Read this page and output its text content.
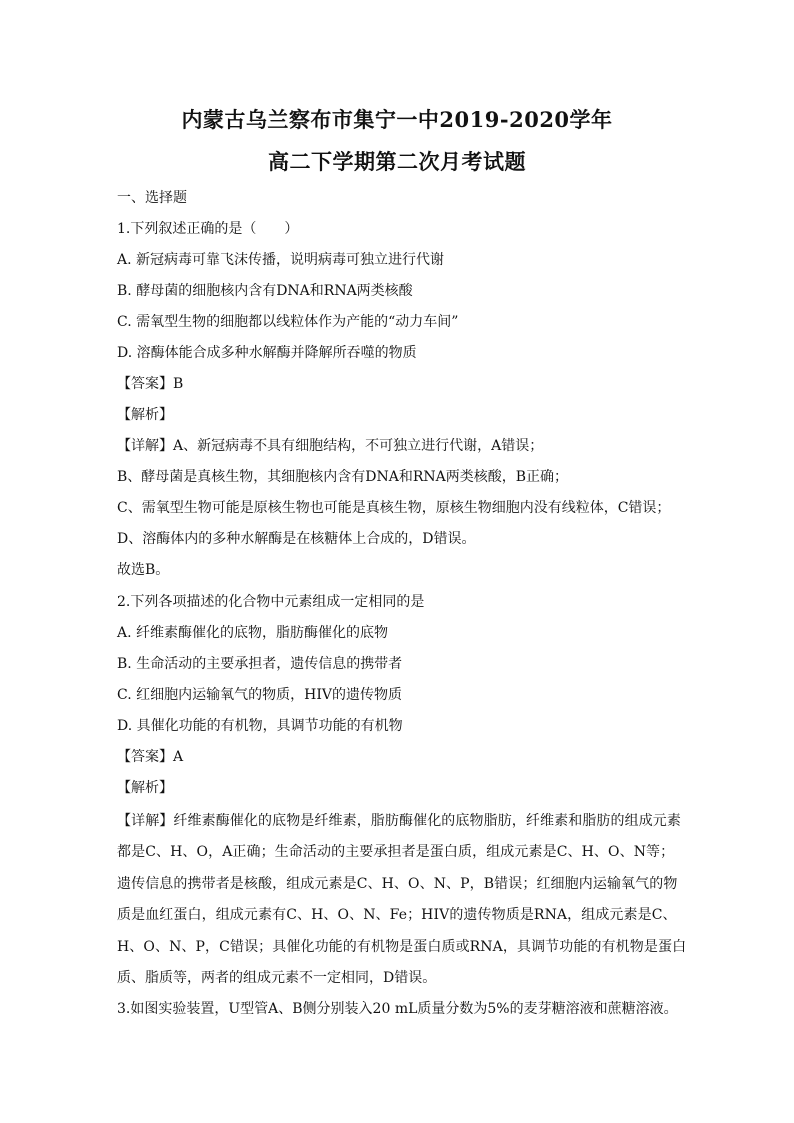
内蒙古乌兰察布市集宁一中2019-2020学年
高二下学期第二次月考试题
一、选择题
1.下列叙述正确的是（　　）
A. 新冠病毒可靠飞沫传播，说明病毒可独立进行代谢
B. 酵母菌的细胞核内含有DNA和RNA两类核酸
C. 需氧型生物的细胞都以线粒体作为产能的“动力车间”
D. 溶酶体能合成多种水解酶并降解所吞噬的物质
【答案】B
【解析】
【详解】A、新冠病毒不具有细胞结构，不可独立进行代谢，A错误；
B、酵母菌是真核生物，其细胞核内含有DNA和RNA两类核酸，B正确；
C、需氧型生物可能是原核生物也可能是真核生物，原核生物细胞内没有线粒体，C错误；
D、溶酶体内的多种水解酶是在核糖体上合成的，D错误。
故选B。
2.下列各项描述的化合物中元素组成一定相同的是
A. 纤维素酶催化的底物，脂肪酶催化的底物
B. 生命活动的主要承担者，遗传信息的携带者
C. 红细胞内运输氧气的物质，HIV的遗传物质
D. 具催化功能的有机物，具调节功能的有机物
【答案】A
【解析】
【详解】纤维素酶催化的底物是纤维素，脂肪酶催化的底物脂肪，纤维素和脂肪的组成元素
都是C、H、O，A正确；生命活动的主要承担者是蛋白质，组成元素是C、H、O、N等；
遗传信息的携带者是核酸，组成元素是C、H、O、N、P，B错误；红细胞内运输氧气的物
质是血红蛋白，组成元素有C、H、O、N、Fe；HIV的遗传物质是RNA，组成元素是C、
H、O、N、P，C错误；具催化功能的有机物是蛋白质或RNA，具调节功能的有机物是蛋白
质、脂质等，两者的组成元素不一定相同，D错误。
3.如图实验装置，U型管A、B侧分别装入20 mL质量分数为5%的麦芽糖溶液和蔗糖溶液。
